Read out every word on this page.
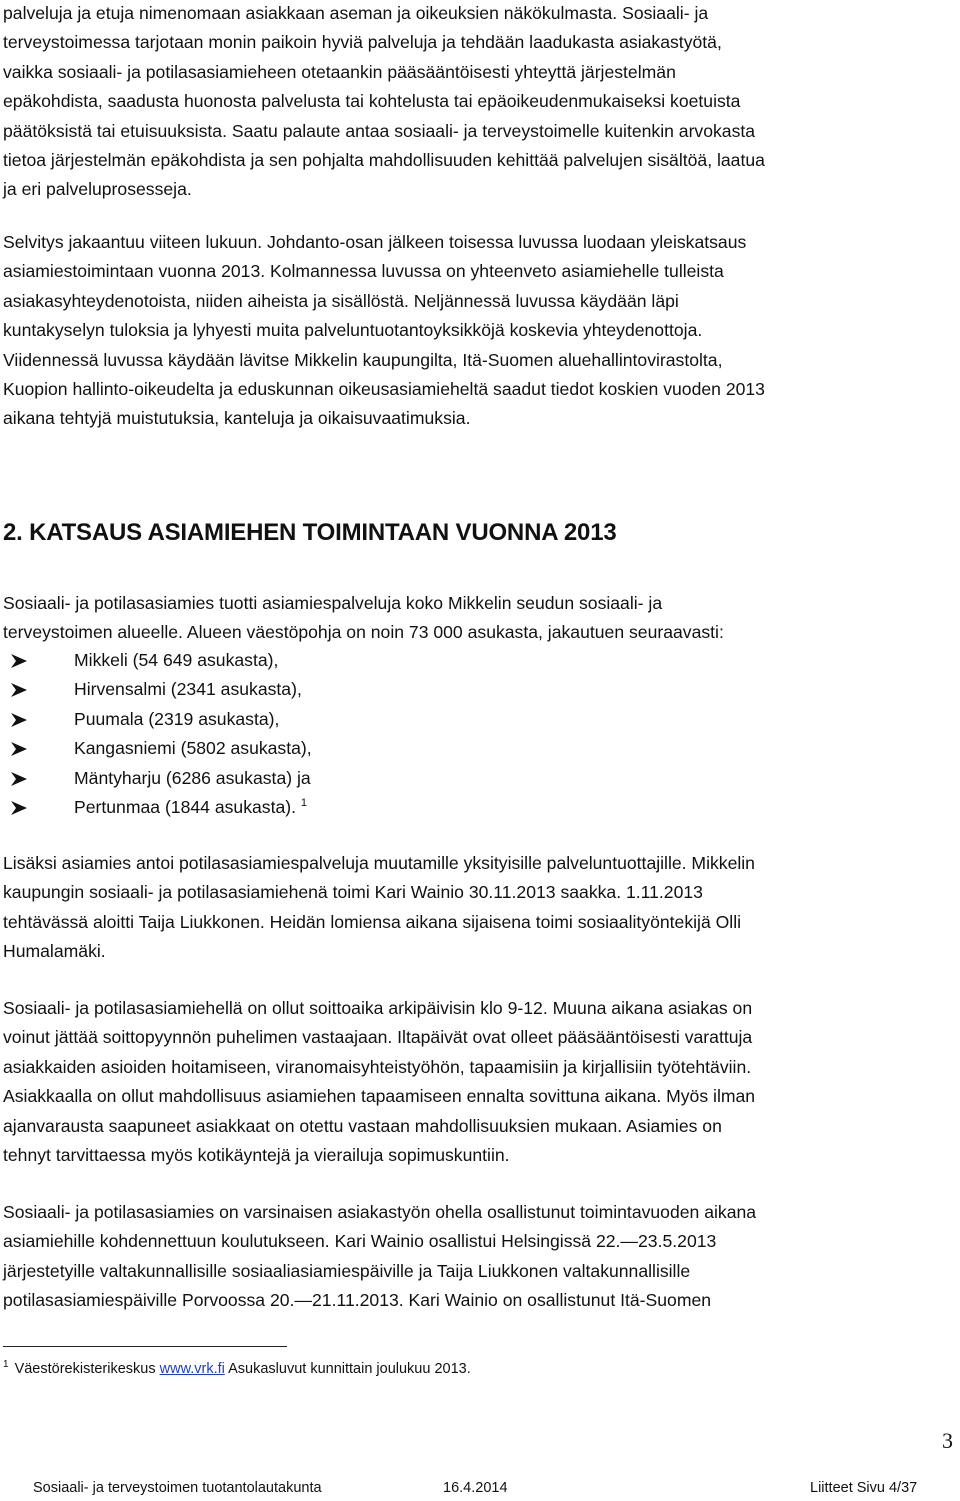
palveluja ja etuja nimenomaan asiakkaan aseman ja oikeuksien näkökulmasta. Sosiaali- ja
terveystoimessa tarjotaan monin paikoin hyviä palveluja ja tehdään laadukasta asiakastyötä,
vaikka sosiaali- ja potilasasiamieheen otetaankin pääsääntöisesti yhteyttä järjestelmän
epäkohdista, saadusta huonosta palvelusta tai kohtelusta tai epäoikeudenmukaiseksi koetuista
päätöksistä tai etuisuuksista. Saatu palaute antaa sosiaali- ja terveystoimelle kuitenkin arvokasta
tietoa järjestelmän epäkohdista ja sen pohjalta mahdollisuuden kehittää palvelujen sisältöä, laatua
ja eri palveluprosesseja.
Selvitys jakaantuu viiteen lukuun. Johdanto-osan jälkeen toisessa luvussa luodaan yleiskatsaus
asiamiestoimintaan vuonna 2013. Kolmannessa luvussa on yhteenveto asiamiehelle tulleista
asiakasyhteydenotoista, niiden aiheista ja sisällöstä. Neljännessä luvussa käydään läpi
kuntakyselyn tuloksia ja lyhyesti muita palveluntuotantoyksikköjä koskevia yhteydenottoja.
Viidennessä luvussa käydään lävitse Mikkelin kaupungilta, Itä-Suomen aluehallintovirastolta,
Kuopion hallinto-oikeudelta ja eduskunnan oikeusasiamieheltä saadut tiedot koskien vuoden 2013
aikana tehtyjä muistutuksia, kanteluja ja oikaisuvaatimuksia.
2. KATSAUS ASIAMIEHEN TOIMINTAAN VUONNA 2013
Sosiaali- ja potilasasiamies tuotti asiamiespalveluja koko Mikkelin seudun sosiaali- ja
terveystoimen alueelle. Alueen väestöpohja on noin 73 000 asukasta, jakautuen seuraavasti:
Mikkeli (54 649 asukasta),
Hirvensalmi (2341 asukasta),
Puumala (2319 asukasta),
Kangasniemi (5802 asukasta),
Mäntyharju (6286 asukasta) ja
Pertunmaa (1844 asukasta). $^1$
Lisäksi asiamies antoi potilasasiamiespalveluja muutamille yksityisille palveluntuottajille. Mikkelin
kaupungin sosiaali- ja potilasasiamiehenä toimi Kari Wainio 30.11.2013 saakka. 1.11.2013
tehtävässä aloitti Taija Liukkonen. Heidän lomiensa aikana sijaisena toimi sosiaalityöntekijä Olli
Humalamäki.
Sosiaali- ja potilasasiamiehellä on ollut soittoaika arkipäivisin klo 9-12. Muuna aikana asiakas on
voinut jättää soittopyynnön puhelimen vastaajaan. Iltapäivät ovat olleet pääsääntöisesti varattuja
asiakkaiden asioiden hoitamiseen, viranomaisyhteistyöhön, tapaamisiin ja kirjallisiin työtehtäviin.
Asiakkaalla on ollut mahdollisuus asiamiehen tapaamiseen ennalta sovittuna aikana. Myös ilman
ajanvarausta saapuneet asiakkaat on otettu vastaan mahdollisuuksien mukaan. Asiamies on
tehnyt tarvittaessa myös kotikäyntejä ja vierailuja sopimuskuntiin.
Sosiaali- ja potilasasiamies on varsinaisen asiakastyön ohella osallistunut toimintavuoden aikana
asiamiehille kohdennettuun koulutukseen. Kari Wainio osallistui Helsingissä 22.—23.5.2013
järjestetyille valtakunnallisille sosiaaliasiamiespäiville ja Taija Liukkonen valtakunnallisille
potilasasiamiespäiville Porvoossa 20.—21.11.2013. Kari Wainio on osallistunut Itä-Suomen
$^1$ Väestörekisterikeskus www.vrk.fi Asukasluvut kunnittain joulukuu 2013.
3
Sosiaali- ja terveystoimen tuotantolautakunta	16.4.2014	Liitteet Sivu 4/37
